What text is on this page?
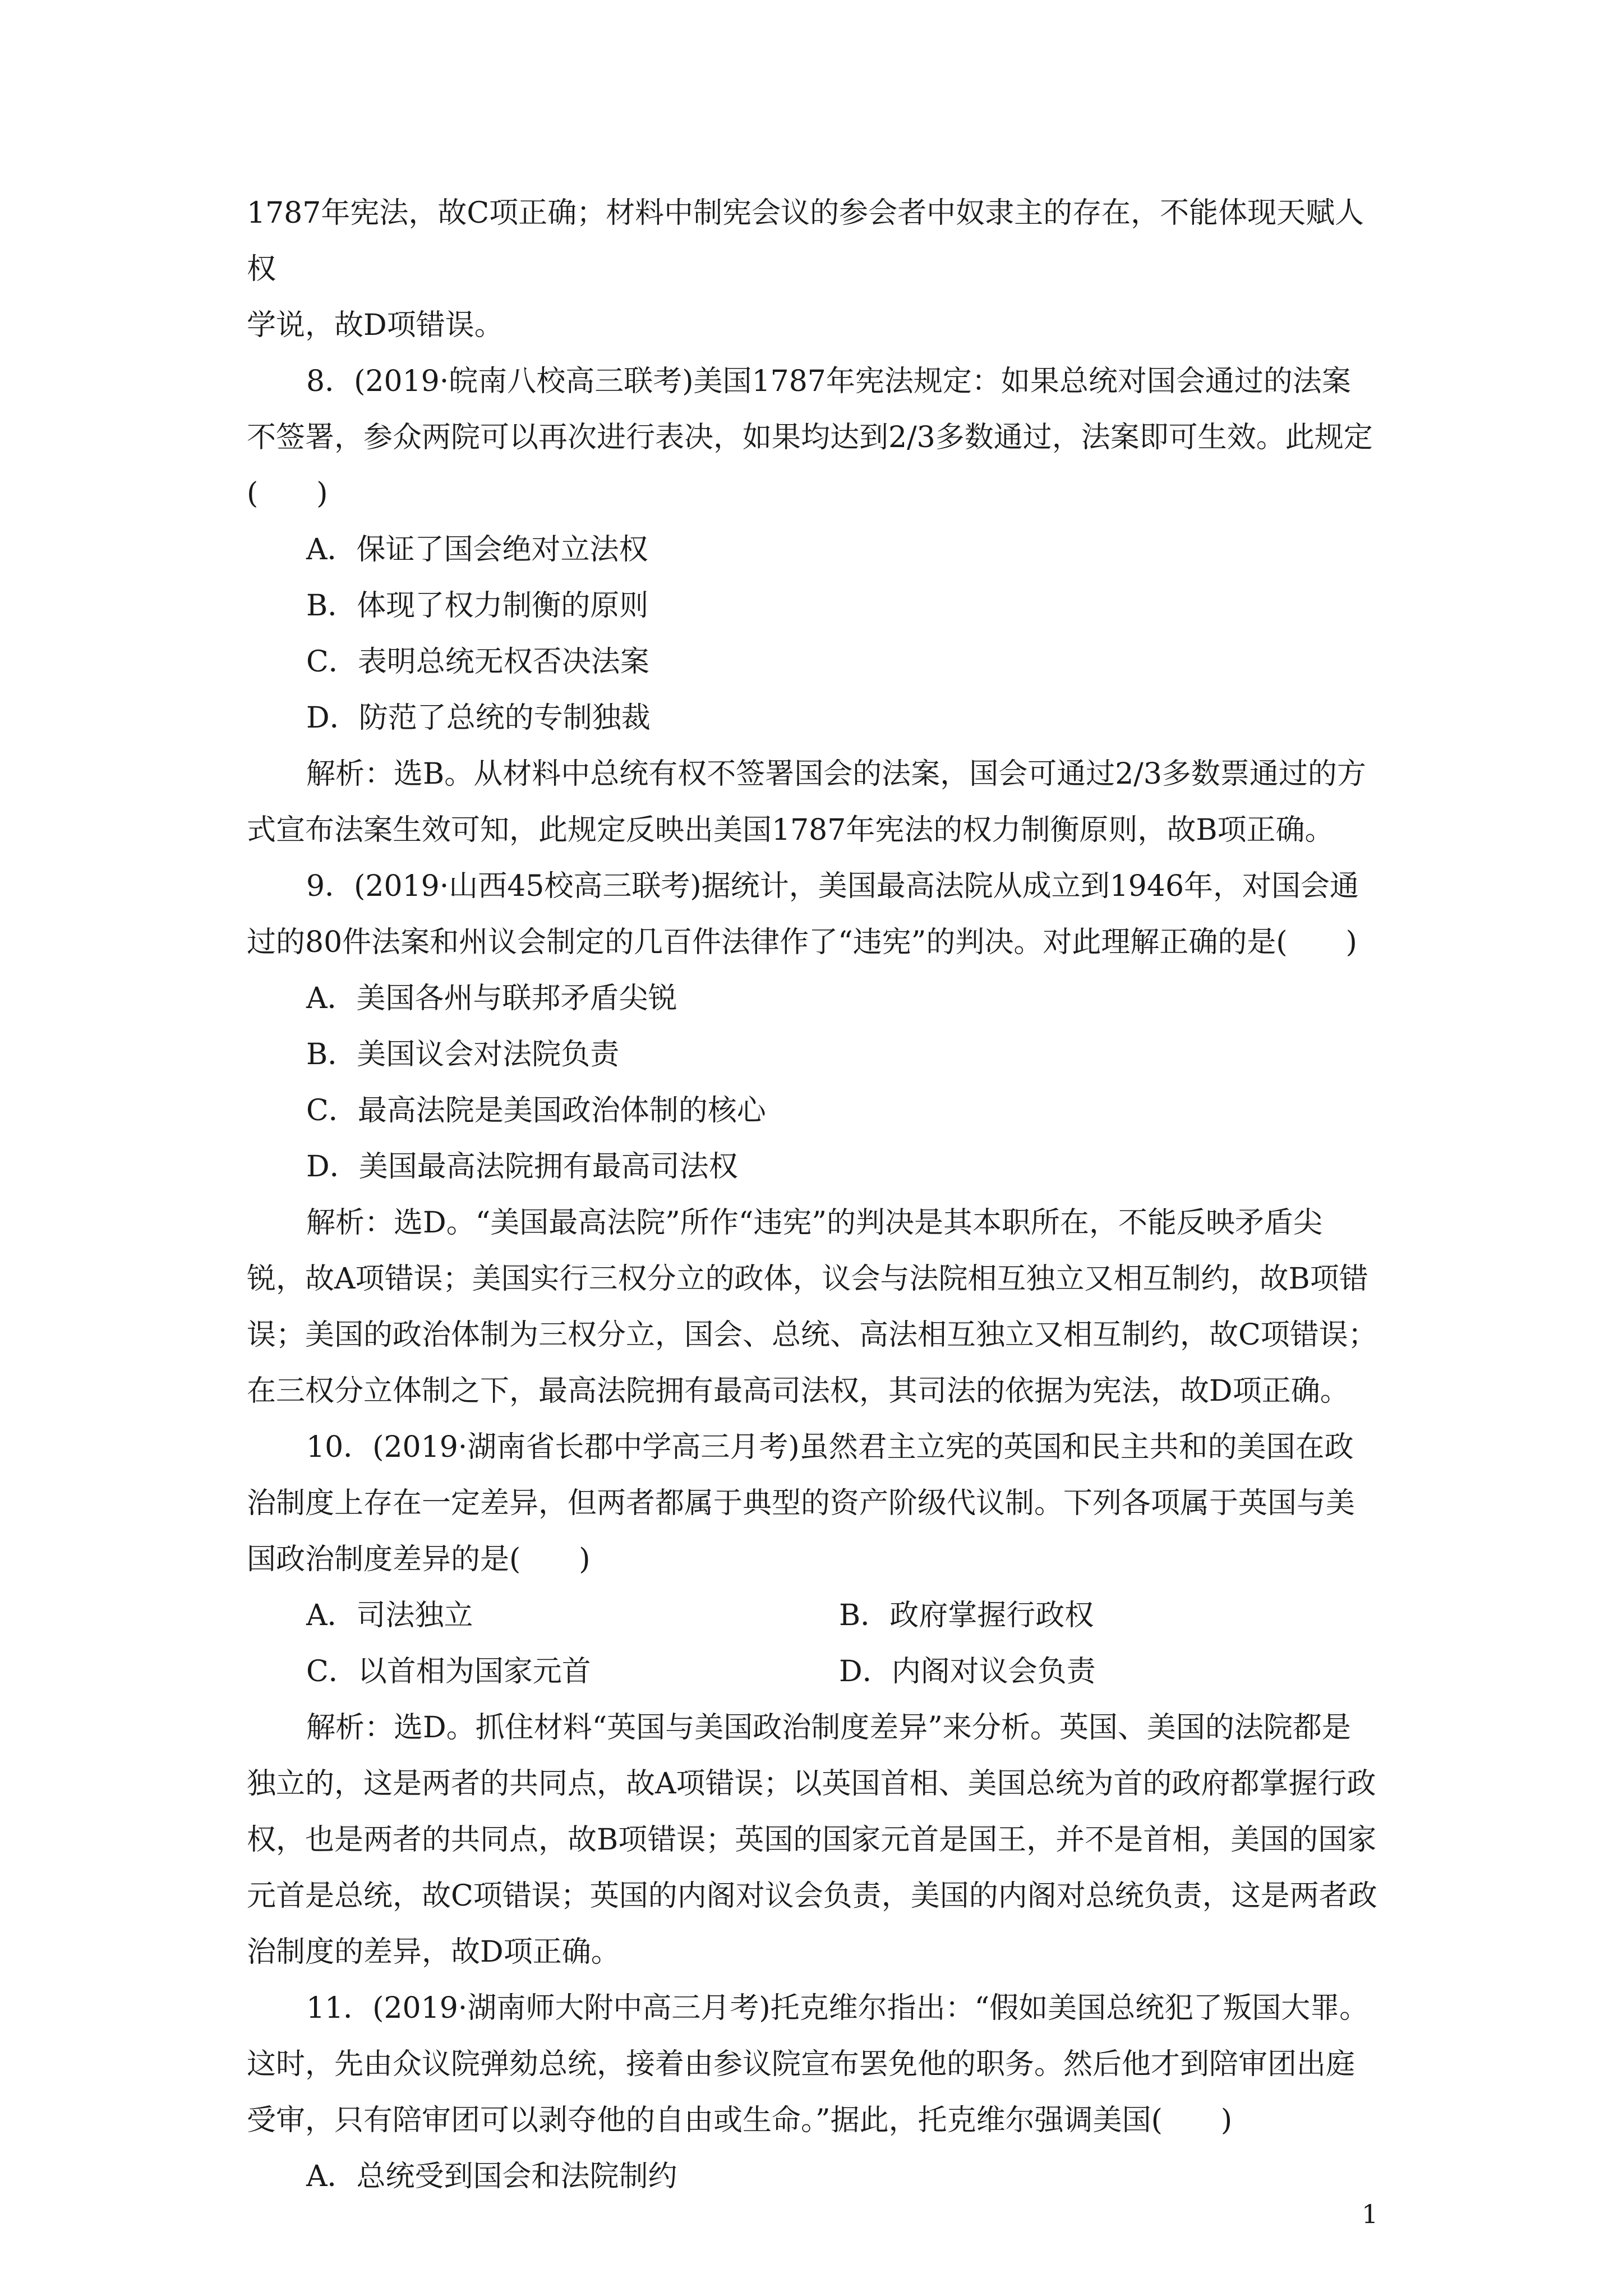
1787年宪法，故C项正确；材料中制宪会议的参会者中奴隶主的存在，不能体现天赋人权

学说，故D项错误。

8．(2019·皖南八校高三联考)美国1787年宪法规定：如果总统对国会通过的法案不签署，参众两院可以再次进行表决，如果均达到2/3多数通过，法案即可生效。此规定(　　)

A．保证了国会绝对立法权

B．体现了权力制衡的原则

C．表明总统无权否决法案

D．防范了总统的专制独裁

解析：选B。从材料中总统有权不签署国会的法案，国会可通过2/3多数票通过的方式宣布法案生效可知，此规定反映出美国1787年宪法的权力制衡原则，故B项正确。

9．(2019·山西45校高三联考)据统计，美国最高法院从成立到1946年，对国会通过的80件法案和州议会制定的几百件法律作了“违宪”的判决。对此理解正确的是(　　)

A．美国各州与联邦矛盾尖锐

B．美国议会对法院负责

C．最高法院是美国政治体制的核心

D．美国最高法院拥有最高司法权

解析：选D。“美国最高法院”所作“违宪”的判决是其本职所在，不能反映矛盾尖锐，故A项错误；美国实行三权分立的政体，议会与法院相互独立又相互制约，故B项错误；美国的政治体制为三权分立，国会、总统、高法相互独立又相互制约，故C项错误；在三权分立体制之下，最高法院拥有最高司法权，其司法的依据为宪法，故D项正确。

10．(2019·湖南省长郡中学高三月考)虽然君主立宪的英国和民主共和的美国在政治制度上存在一定差异，但两者都属于典型的资产阶级代议制。下列各项属于英国与美国政治制度差异的是(　　)

A．司法独立	B．政府掌握行政权
C．以首相为国家元首	D．内阁对议会负责

解析：选D。抓住材料“英国与美国政治制度差异”来分析。英国、美国的法院都是独立的，这是两者的共同点，故A项错误；以英国首相、美国总统为首的政府都掌握行政权，也是两者的共同点，故B项错误；英国的国家元首是国王，并不是首相，美国的国家元首是总统，故C项错误；英国的内阁对议会负责，美国的内阁对总统负责，这是两者政治制度的差异，故D项正确。

11．(2019·湖南师大附中高三月考)托克维尔指出：“假如美国总统犯了叛国大罪。这时，先由众议院弹劾总统，接着由参议院宣布罢免他的职务。然后他才到陪审团出庭受审，只有陪审团可以剥夺他的自由或生命。”据此，托克维尔强调美国(　　)

A．总统受到国会和法院制约

1
